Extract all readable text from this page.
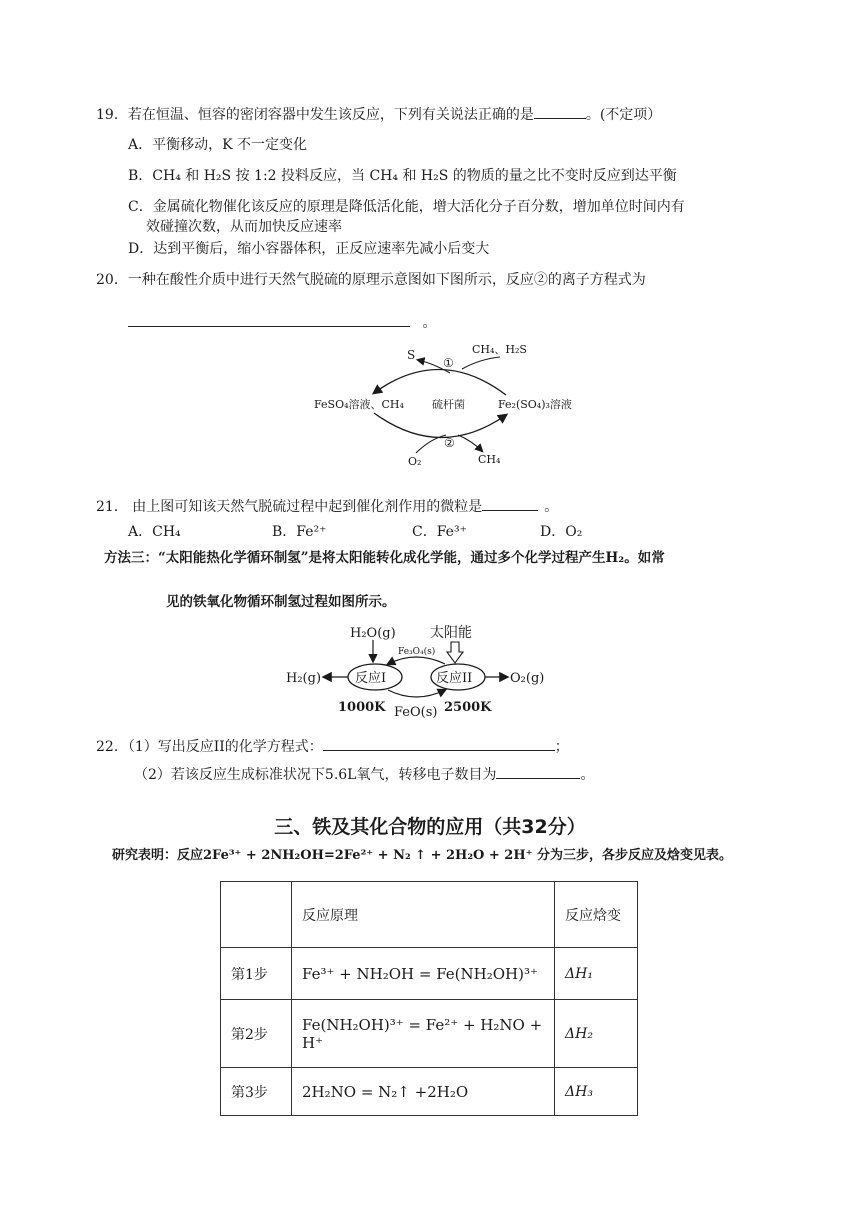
19．若在恒温、恒容的密闭容器中发生该反应，下列有关说法正确的是	。(不定项）
A．平衡移动，K 不一定变化
B．CH₄ 和 H₂S 按 1:2 投料反应，当 CH₄ 和 H₂S 的物质的量之比不变时反应到达平衡
C．金属硫化物催化该反应的原理是降低活化能，增大活化分子百分数，增加单位时间内有
效碰撞次数，从而加快反应速率
D．达到平衡后，缩小容器体积，正反应速率先减小后变大
20．一种在酸性介质中进行天然气脱硫的原理示意图如下图所示，反应②的离子方程式为
。
S
①
CH₄、H₂S
FeSO₄溶液、CH₄	硫杆菌	Fe₂(SO₄)₃溶液
②
O₂	CH₄
21． 由上图可知该天然气脱硫过程中起到催化剂作用的微粒是	。
A．CH₄	B．Fe²⁺	C．Fe³⁺	D．O₂
方法三：“太阳能热化学循环制氢”是将太阳能转化成化学能，通过多个化学过程产生H₂。如常
见的铁氧化物循环制氢过程如图所示。
H₂O(g) 太阳能
Fe₃O₄(s)
H₂(g)	反应I	反应II	O₂(g)
1000K FeO(s) 2500K
22．（1）写出反应II的化学方程式：	；
（2）若该反应生成标准状况下5.6L氧气，转移电子数目为	。
三、铁及其化合物的应用（共32分）
研究表明：反应2Fe³⁺ + 2NH₂OH=2Fe²⁺ + N₂ ↑ + 2H₂O + 2H⁺ 分为三步，各步反应及焓变见表。
	反应原理	反应焓变
第1步	Fe³⁺ + NH₂OH = Fe(NH₂OH)³⁺	ΔH₁
第2步	Fe(NH₂OH)³⁺ = Fe²⁺ + H₂NO + H⁺	ΔH₂
第3步	2H₂NO = N₂↑ +2H₂O	ΔH₃
